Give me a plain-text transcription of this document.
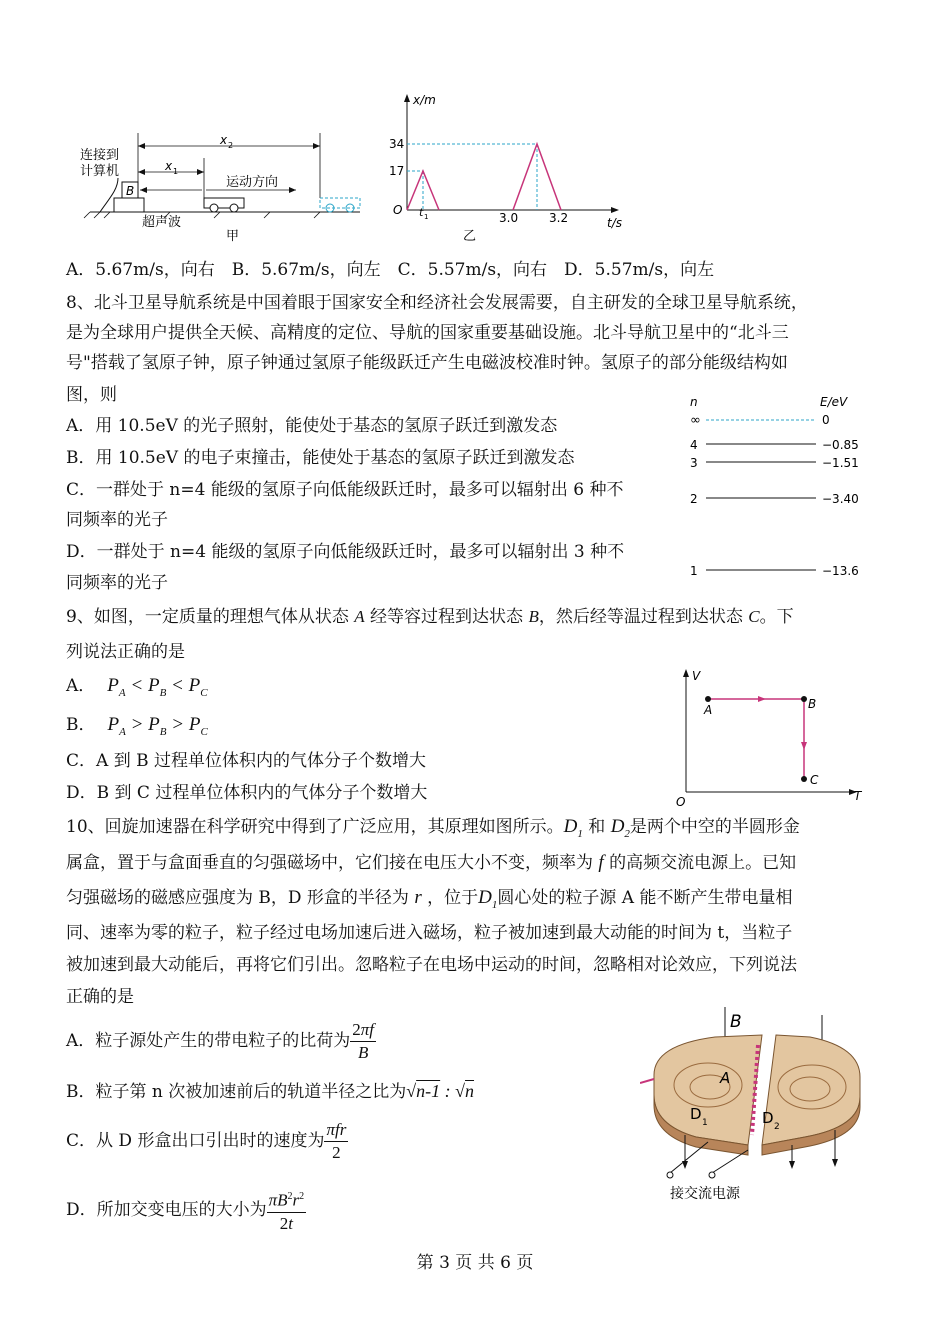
连接到
计算机
B
x 2
x 1
运动方向
超声波
甲
x/m
t/s
O
34
17
t 1	3.0	3.2
乙
A．5.67m/s，向右　B．5.67m/s，向左　C．5.57m/s，向右　D．5.57m/s，向左
8、北斗卫星导航系统是中国着眼于国家安全和经济社会发展需要，自主研发的全球卫星导航系统，
是为全球用户提供全天候、高精度的定位、导航的国家重要基础设施。北斗导航卫星中的“北斗三
号"搭载了氢原子钟，原子钟通过氢原子能级跃迁产生电磁波校准时钟。氢原子的部分能级结构如
图，则
A．用 10.5eV 的光子照射，能使处于基态的氢原子跃迁到激发态
B．用 10.5eV 的电子束撞击，能使处于基态的氢原子跃迁到激发态
C．一群处于 n=4 能级的氢原子向低能级跃迁时，最多可以辐射出 6 种不
同频率的光子
D．一群处于 n=4 能级的氢原子向低能级跃迁时，最多可以辐射出 3 种不
同频率的光子
n	E/eV
∞	0
4	−0.85
3	−1.51
2	−3.40
1	−13.6
9、如图，一定质量的理想气体从状态 A 经等容过程到达状态 B，然后经等温过程到达状态 C。下
列说法正确的是
A． $P_A < P_B < P_C$
B． $P_A > P_B > P_C$
C．A 到 B 过程单位体积内的气体分子个数增大
D．B 到 C 过程单位体积内的气体分子个数增大
V
T
O
A	B
C
10、回旋加速器在科学研究中得到了广泛应用，其原理如图所示。$D_1$ 和 $D_2$是两个中空的半圆形金
属盒，置于与盒面垂直的匀强磁场中，它们接在电压大小不变，频率为 f 的高频交流电源上。已知
匀强磁场的磁感应强度为 B，D 形盒的半径为 r ，位于$D_1$圆心处的粒子源 A 能不断产生带电量相
同、速率为零的粒子，粒子经过电场加速后进入磁场，粒子被加速到最大动能的时间为 t，当粒子
被加速到最大动能后，再将它们引出。忽略粒子在电场中运动的时间，忽略相对论效应，下列说法
正确的是
A．粒子源处产生的带电粒子的比荷为 $\frac{2\pi f}{B}$
B．粒子第 n 次被加速前后的轨道半径之比为√n-1 : √n
C．从 D 形盒出口引出时的速度为 $\frac{\text{πfr}}{2}$
D．所加交变电压的大小为 $\frac{\pi B^2r^2}{2t}$
B
A
D 1	D 2
接交流电源
第 3 页 共 6 页
